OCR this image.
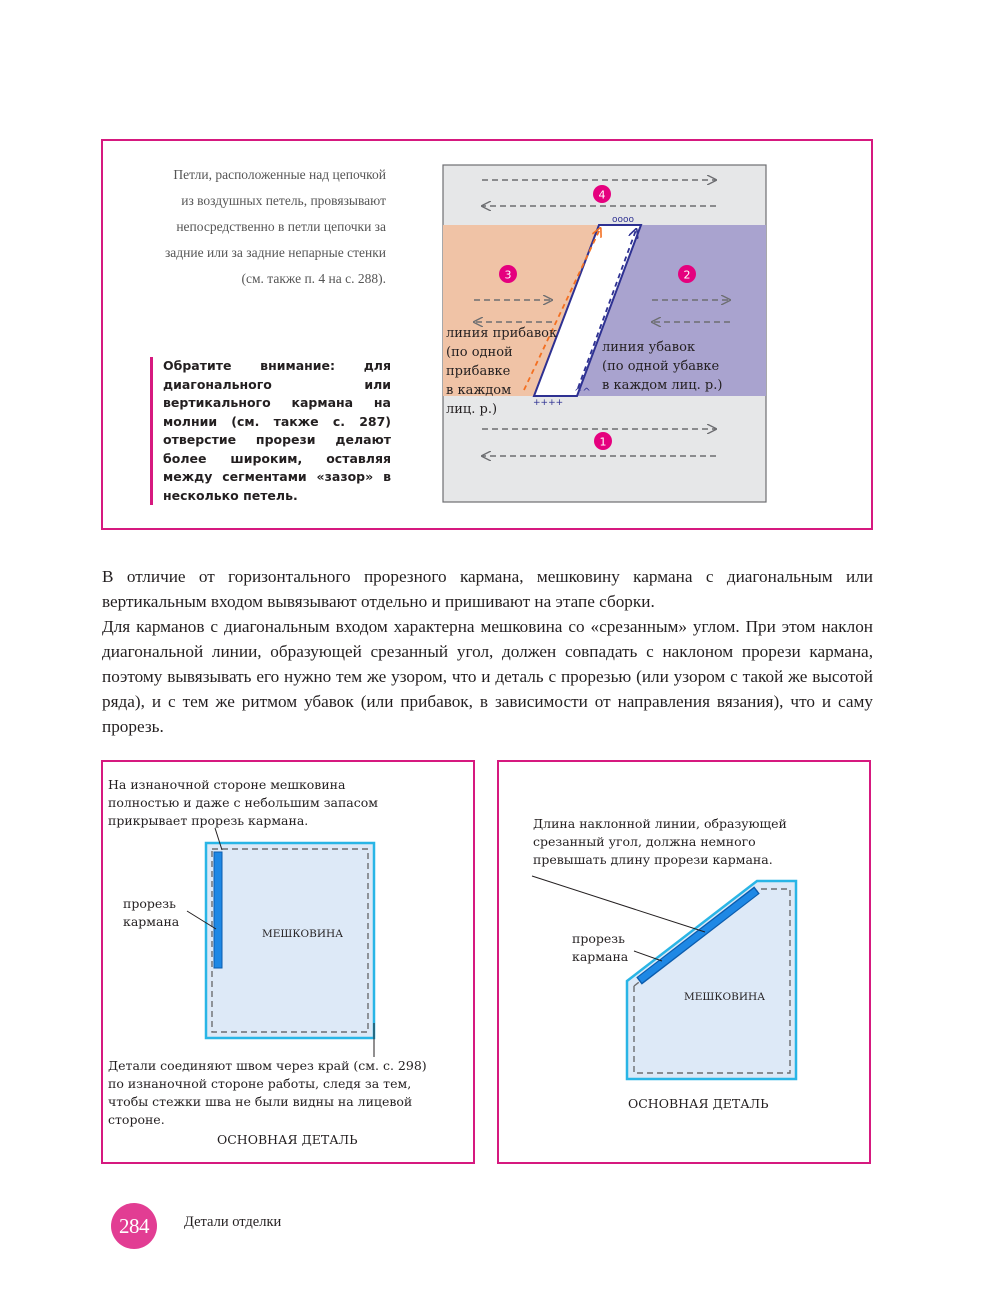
Петли, расположенные над цепочкой
из воздушных петель, провязывают
непосредственно в петли цепочки за
задние или за задние непарные стенки
(см. также п. 4 на с. 288).
Обратите внимание: для диагонального или вертикального кармана на молнии (см. также с. 287) отверстие прорези делают более широким, оставляя между сегментами «зазор» в несколько петель.
4
3	2
1
oooo
++++
^^
линия прибавок
(по одной
прибавке
в каждом
лиц. р.)
линия убавок
(по одной убавке
в каждом лиц. р.)

В отличие от горизонтального прорезного кармана, мешковину кармана с диагональным или вертикальным входом вывязывают отдельно и пришивают на этапе сборки.

Для карманов с диагональным входом характерна мешковина со «срезанным» углом. При этом наклон диагональной линии, образующей срезанный угол, должен совпадать с наклоном прорези кармана, поэтому вывязывать его нужно тем же узором, что и деталь с прорезью (или узором с такой же высотой ряда), и с тем же ритмом убавок (или прибавок, в зависимости от направления вязания), что и саму прорезь.

На изнаночной стороне мешковина
полностью и даже с небольшим запасом
прикрывает прорезь кармана.
прорезь
кармана
МЕШКОВИНА
Детали соединяют швом через край (см. с. 298)
по изнаночной стороне работы, следя за тем,
чтобы стежки шва не были видны на лицевой
стороне.
ОСНОВНАЯ ДЕТАЛЬ
Длина наклонной линии, образующей
срезанный угол, должна немного
превышать длину прорези кармана.
прорезь
кармана
МЕШКОВИНА
ОСНОВНАЯ ДЕТАЛЬ
284	Детали отделки
